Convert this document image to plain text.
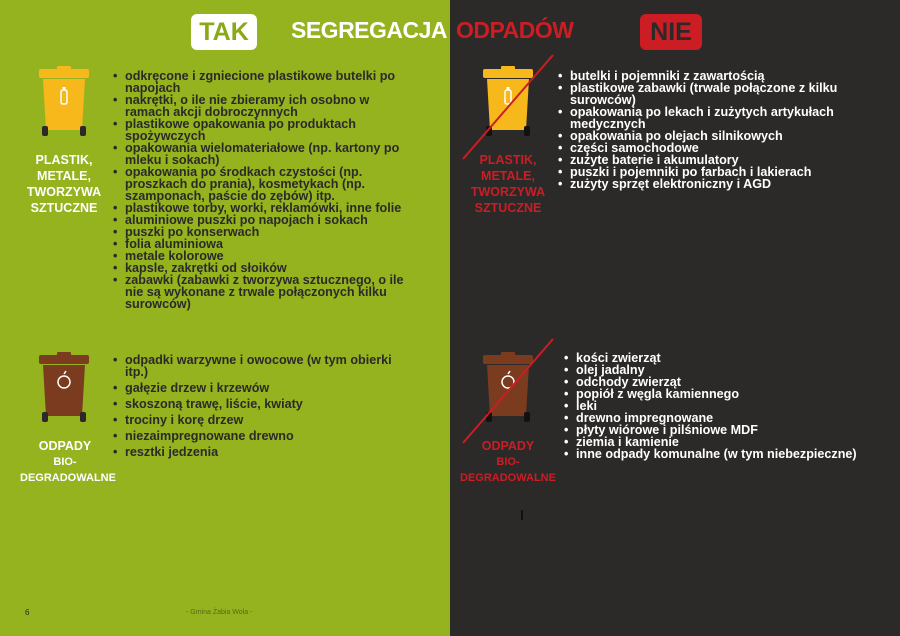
TAK	SEGREGACJA ODPADÓW	NIE
PLASTIK,
METALE,
TWORZYWA
SZTUCZNE
• odkręcone i zgniecione plastikowe butelki po napojach
• nakrętki, o ile nie zbieramy ich osobno w ramach akcji dobroczynnych
• plastikowe opakowania po produktach spożywczych
• opakowania wielomateriałowe (np. kartony po mleku i sokach)
• opakowania po środkach czystości (np. proszkach do prania), kosmetykach (np. szamponach, paście do zębów) itp.
• plastikowe torby, worki, reklamówki, inne folie
• aluminiowe puszki po napojach i sokach
• puszki po konserwach
• folia aluminiowa
• metale kolorowe
• kapsle, zakrętki od słoików
• zabawki (zabawki z tworzywa sztucznego, o ile nie są wykonane z trwale połączonych kilku surowców)
ODPADY
BIO-
DEGRADOWALNE
• odpadki warzywne i owocowe (w tym obierki itp.)
• gałęzie drzew i krzewów
• skoszoną trawę, liście, kwiaty
• trociny i korę drzew
• niezaimpregnowane drewno
• resztki jedzenia
PLASTIK,
METALE,
TWORZYWA
SZTUCZNE
• butelki i pojemniki z zawartością
• plastikowe zabawki (trwale połączone z kilku surowców)
• opakowania po lekach i zużytych artykułach medycznych
• opakowania po olejach silnikowych
• części samochodowe
• zużyte baterie i akumulatory
• puszki i pojemniki po farbach i lakierach
• zużyty sprzęt elektroniczny i AGD
ODPADY
BIO-
DEGRADOWALNE
• kości zwierząt
• olej jadalny
• odchody zwierząt
• popiół z węgla kamiennego
• leki
• drewno impregnowane
• płyty wiórowe i pilśniowe MDF
• ziemia i kamienie
• inne odpady komunalne (w tym niebezpieczne)
6	- Gmina Żabia Wola -
